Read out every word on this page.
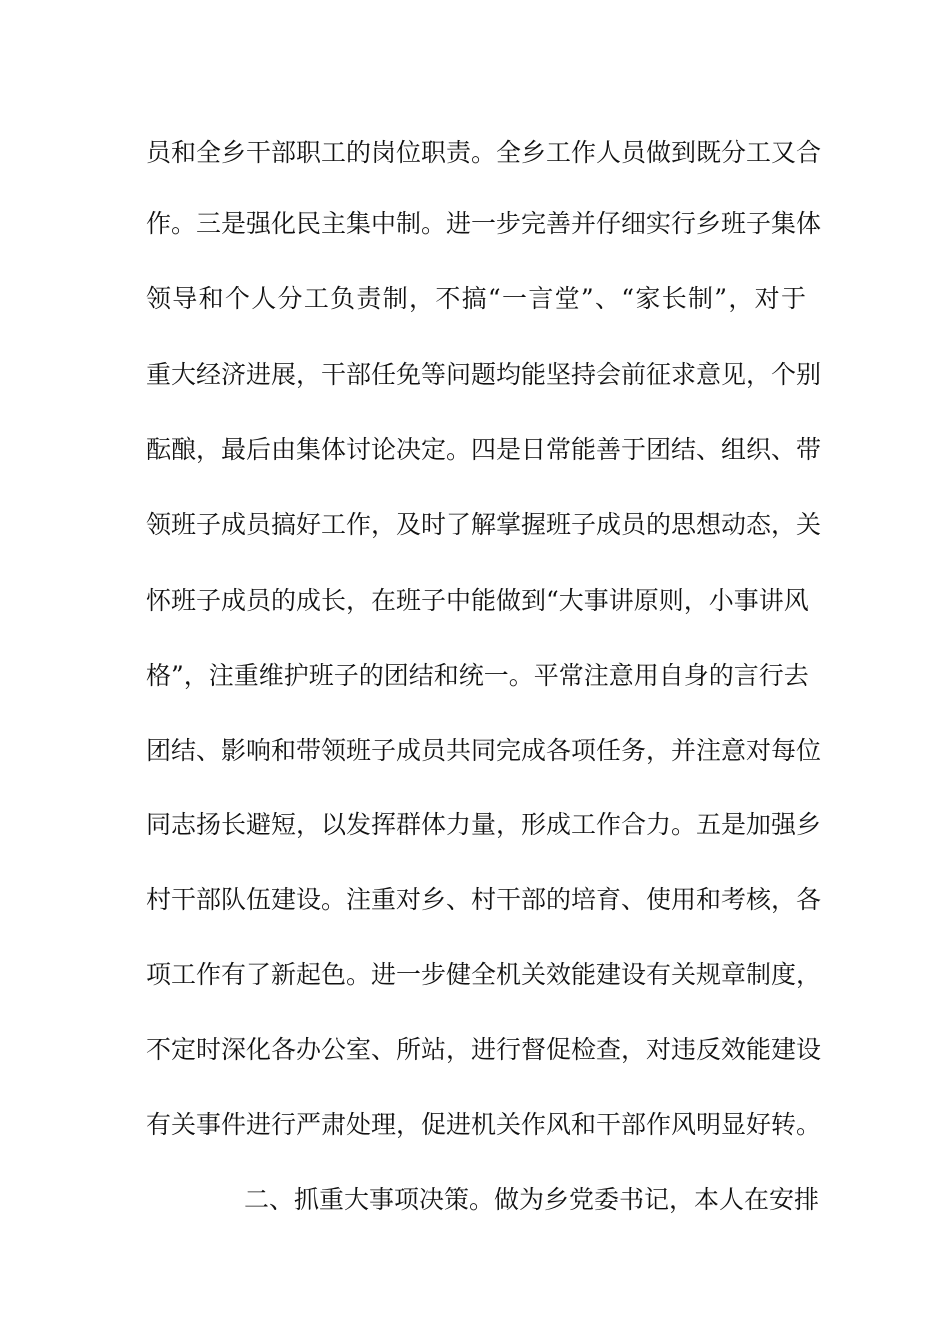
员和全乡干部职工的岗位职责。全乡工作人员做到既分工又合
作。三是强化民主集中制。进一步完善并仔细实行乡班子集体
领导和个人分工负责制，不搞“一言堂”、“家长制”，对于
重大经济进展，干部任免等问题均能坚持会前征求意见，个别
酝酿，最后由集体讨论决定。四是日常能善于团结、组织、带
领班子成员搞好工作，及时了解掌握班子成员的思想动态，关
怀班子成员的成长，在班子中能做到“大事讲原则，小事讲风
格”，注重维护班子的团结和统一。平常注意用自身的言行去
团结、影响和带领班子成员共同完成各项任务，并注意对每位
同志扬长避短，以发挥群体力量，形成工作合力。五是加强乡
村干部队伍建设。注重对乡、村干部的培育、使用和考核，各
项工作有了新起色。进一步健全机关效能建设有关规章制度，
不定时深化各办公室、所站，进行督促检查，对违反效能建设
有关事件进行严肃处理，促进机关作风和干部作风明显好转。
二、抓重大事项决策。做为乡党委书记，本人在安排
